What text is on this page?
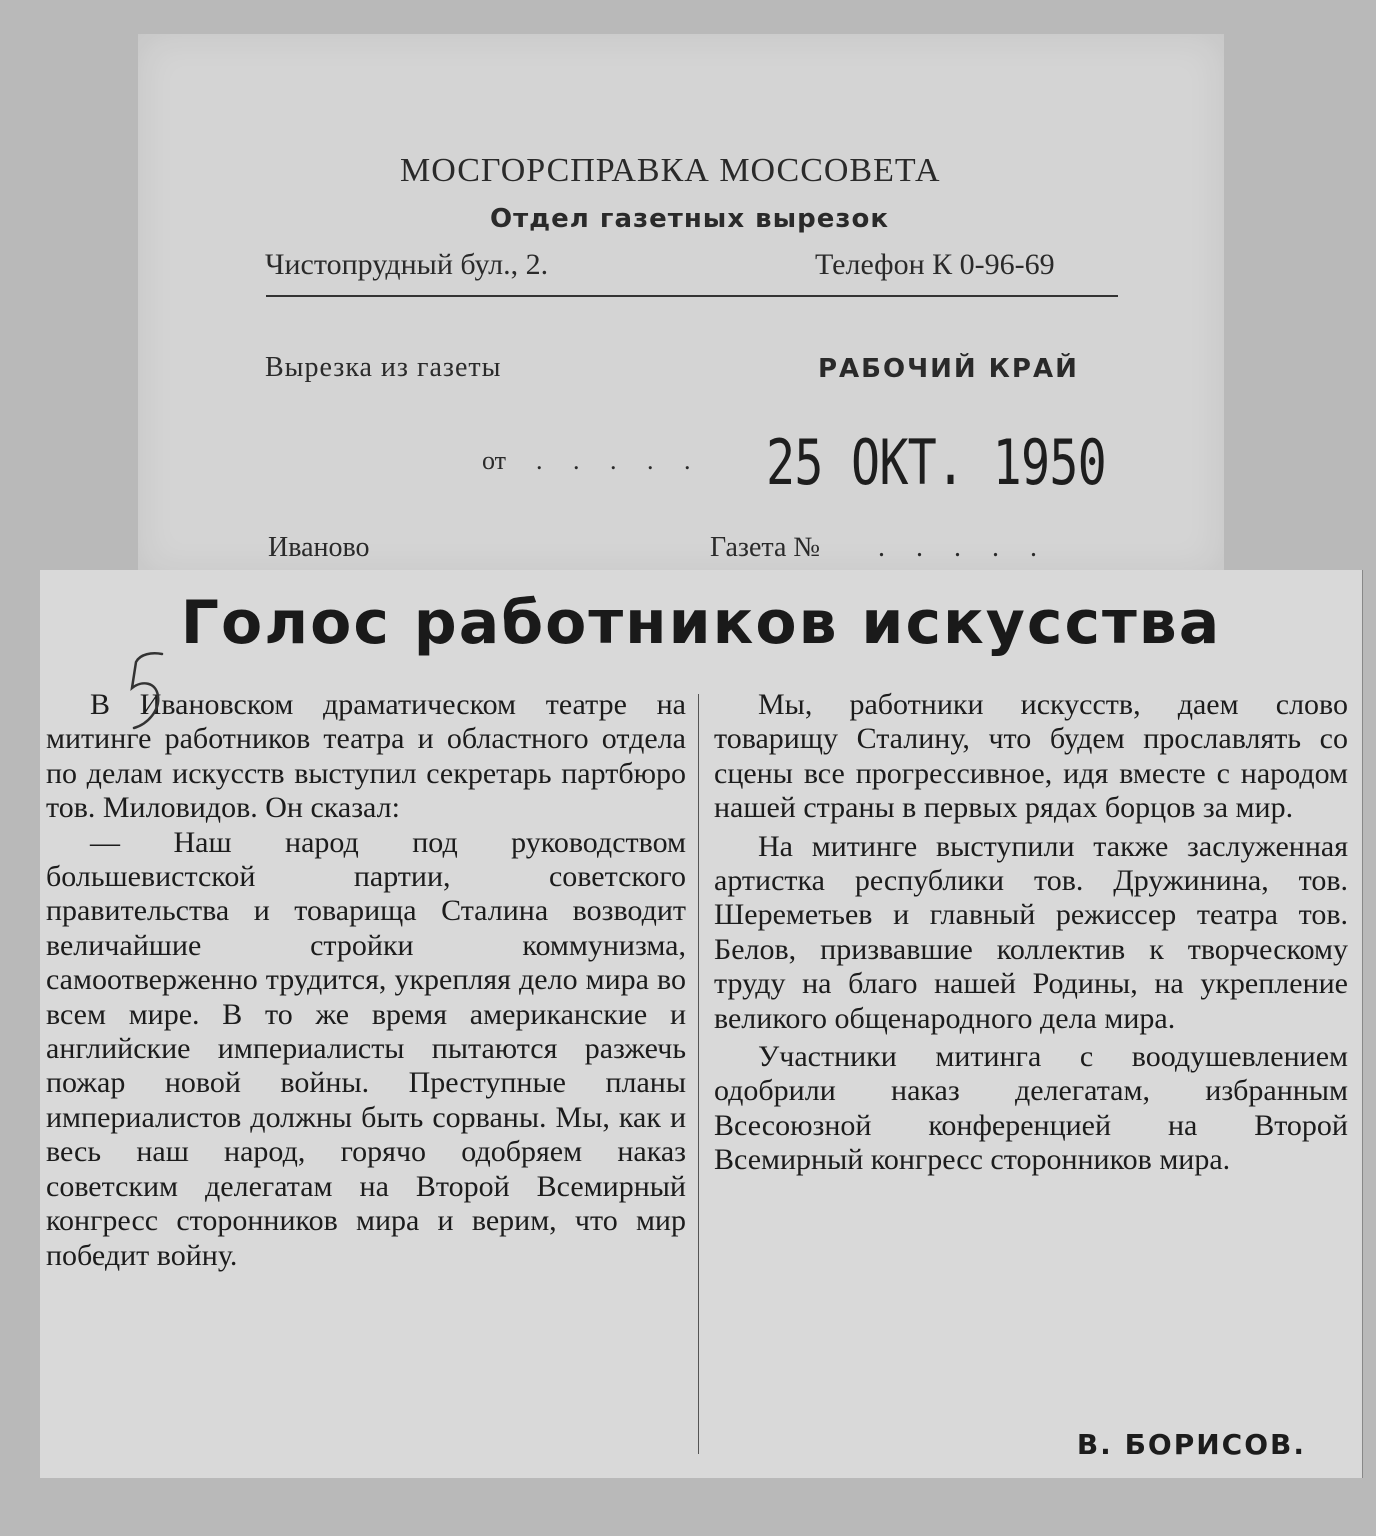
МОСГОРСПРАВКА МОССОВЕТА
Отдел газетных вырезок
Чистопрудный бул., 2.	Телефон К 0-96-69
Вырезка из газеты	РАБОЧИЙ КРАЙ
от . . . . . 25 ОКТ. 1950
Иваново	Газета № . . . . .
Голос работников искусства

В Ивановском драматическом театре на митинге работников театра и областного отдела по делам искусств выступил секретарь партбюро тов. Миловидов. Он сказал:

— Наш народ под руководством большевистской партии, советского правительства и товарища Сталина возводит величайшие стройки коммунизма, самоотверженно трудится, укрепляя дело мира во всем мире. В то же время американские и английские империалисты пытаются разжечь пожар новой войны. Преступные планы империалистов должны быть сорваны. Мы, как и весь наш народ, горячо одобряем наказ советским делегатам на Второй Всемирный конгресс сторонников мира и верим, что мир победит войну.

Мы, работники искусств, даем слово товарищу Сталину, что будем прославлять со сцены все прогрессивное, идя вместе с народом нашей страны в первых рядах борцов за мир.

На митинге выступили также заслуженная артистка республики тов. Дружинина, тов. Шереметьев и главный режиссер театра тов. Белов, призвавшие коллектив к творческому труду на благо нашей Родины, на укрепление великого общенародного дела мира.

Участники митинга с воодушевлением одобрили наказ делегатам, избранным Всесоюзной конференцией на Второй Всемирный конгресс сторонников мира.

В. БОРИСОВ.
